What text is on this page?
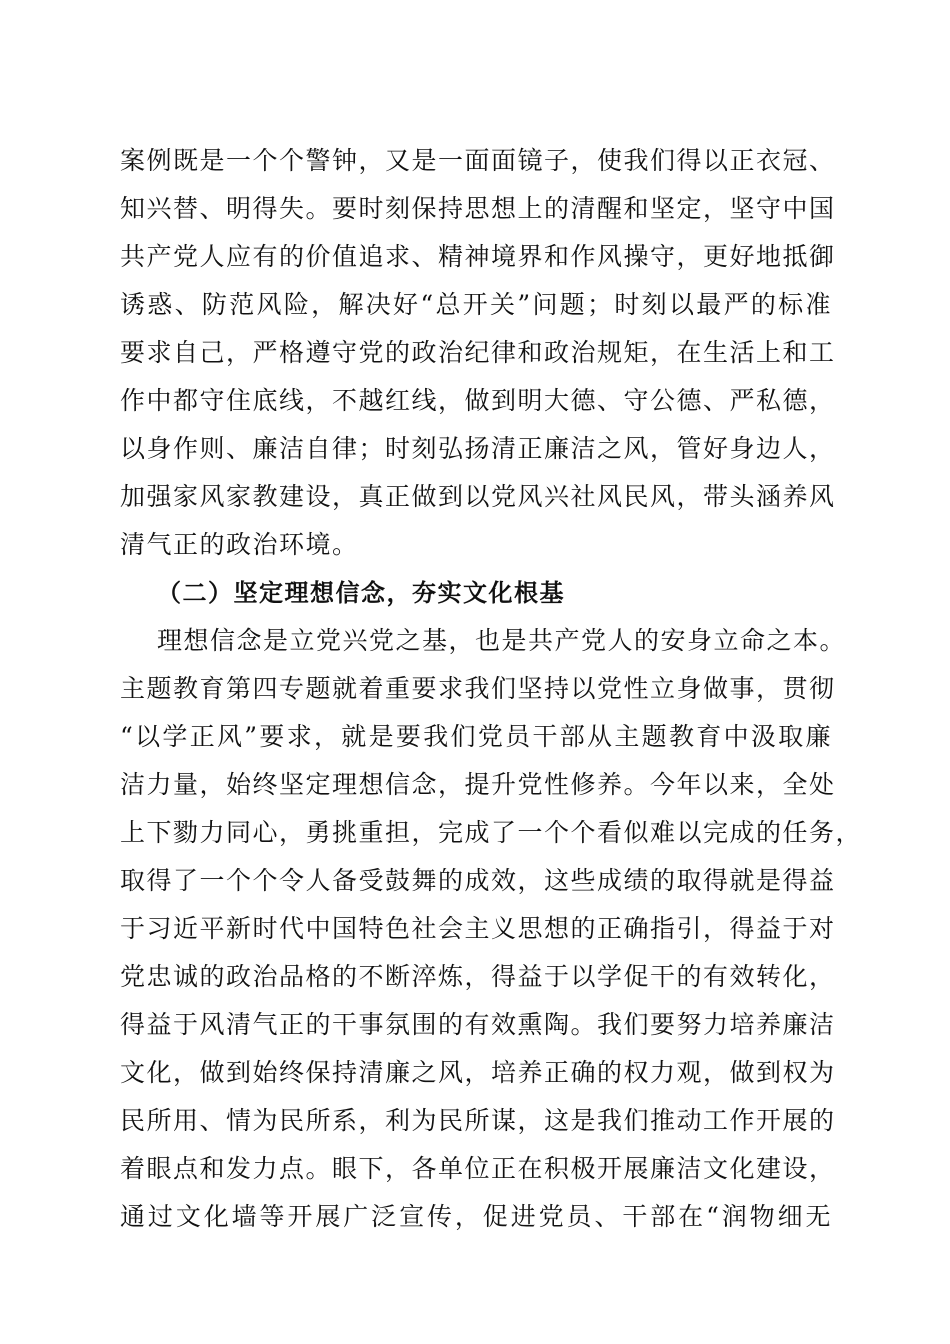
案例既是一个个警钟，又是一面面镜子，使我们得以正衣冠、

知兴替、明得失。要时刻保持思想上的清醒和坚定，坚守中国

共产党人应有的价值追求、精神境界和作风操守，更好地抵御

诱惑、防范风险，解决好“总开关”问题；时刻以最严的标准

要求自己，严格遵守党的政治纪律和政治规矩，在生活上和工

作中都守住底线，不越红线，做到明大德、守公德、严私德，

以身作则、廉洁自律；时刻弘扬清正廉洁之风，管好身边人，

加强家风家教建设，真正做到以党风兴社风民风，带头涵养风

清气正的政治环境。

（二）坚定理想信念，夯实文化根基

理想信念是立党兴党之基，也是共产党人的安身立命之本。

主题教育第四专题就着重要求我们坚持以党性立身做事，贯彻

“以学正风”要求，就是要我们党员干部从主题教育中汲取廉

洁力量，始终坚定理想信念，提升党性修养。今年以来，全处

上下勠力同心，勇挑重担，完成了一个个看似难以完成的任务，

取得了一个个令人备受鼓舞的成效，这些成绩的取得就是得益

于习近平新时代中国特色社会主义思想的正确指引，得益于对

党忠诚的政治品格的不断淬炼，得益于以学促干的有效转化，

得益于风清气正的干事氛围的有效熏陶。我们要努力培养廉洁

文化，做到始终保持清廉之风，培养正确的权力观，做到权为

民所用、情为民所系，利为民所谋，这是我们推动工作开展的

着眼点和发力点。眼下，各单位正在积极开展廉洁文化建设，

通过文化墙等开展广泛宣传，促进党员、干部在“润物细无
